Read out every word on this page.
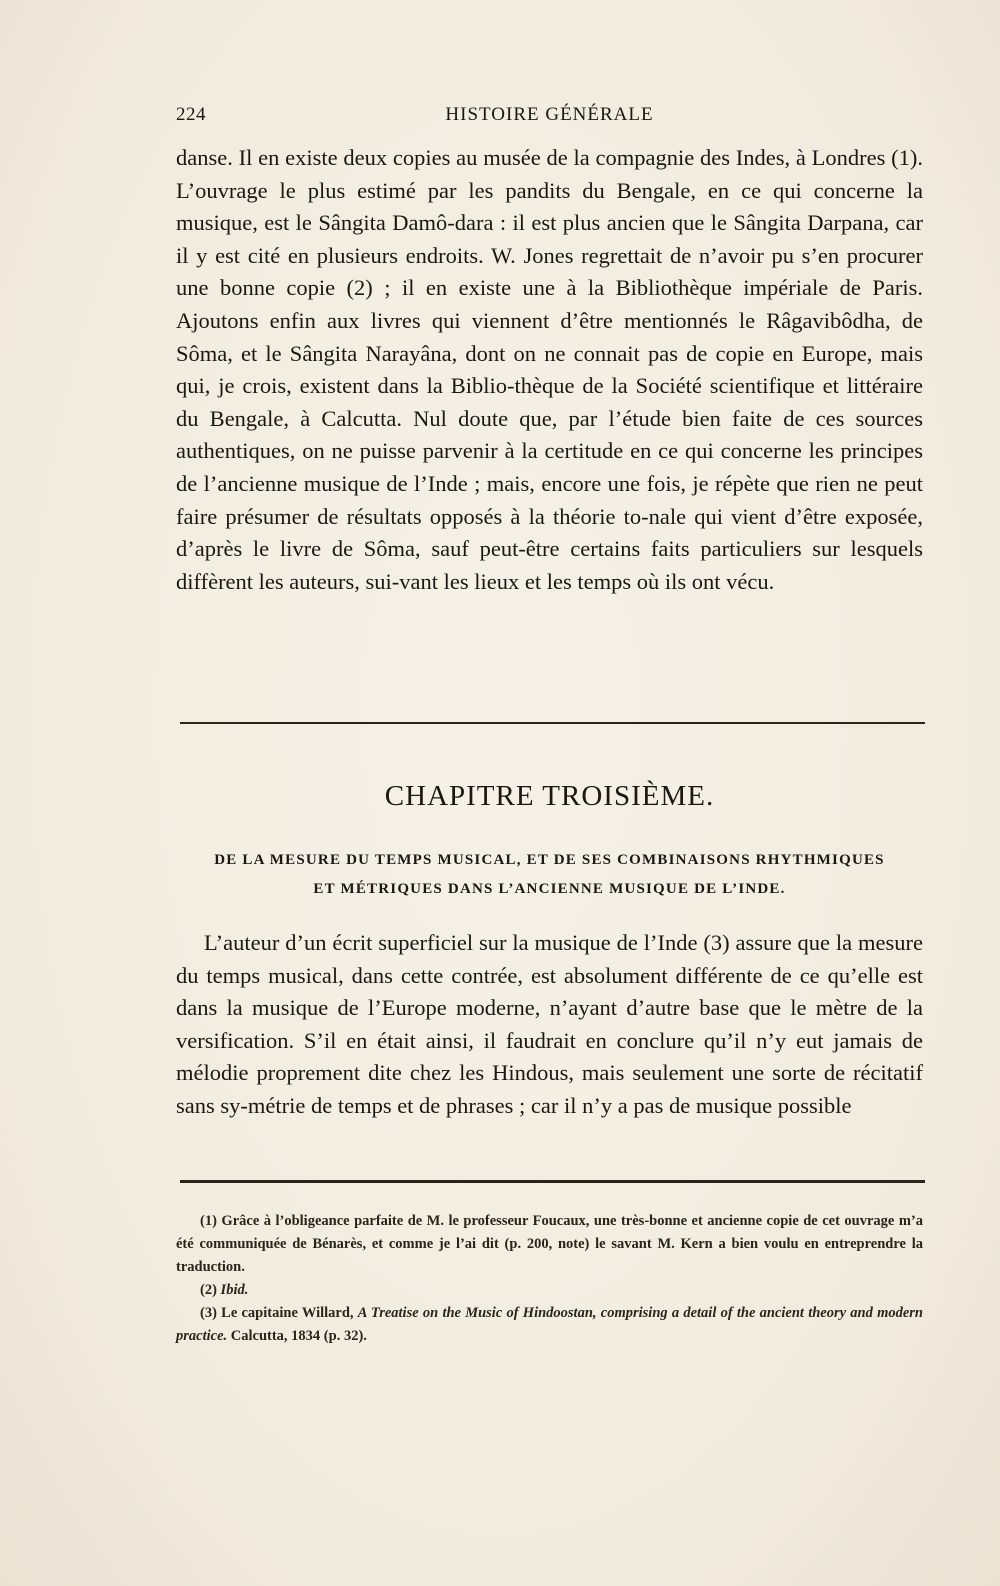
224	HISTOIRE GÉNÉRALE

danse. Il en existe deux copies au musée de la compagnie des Indes, à Londres (1). L’ouvrage le plus estimé par les pandits du Bengale, en ce qui concerne la musique, est le Sângita Damô-dara : il est plus ancien que le Sângita Darpana, car il y est cité en plusieurs endroits. W. Jones regrettait de n’avoir pu s’en procurer une bonne copie (2) ; il en existe une à la Bibliothèque impériale de Paris. Ajoutons enfin aux livres qui viennent d’être mentionnés le Râgavibôdha, de Sôma, et le Sângita Narayâna, dont on ne connait pas de copie en Europe, mais qui, je crois, existent dans la Biblio-thèque de la Société scientifique et littéraire du Bengale, à Calcutta. Nul doute que, par l’étude bien faite de ces sources authentiques, on ne puisse parvenir à la certitude en ce qui concerne les principes de l’ancienne musique de l’Inde ; mais, encore une fois, je répète que rien ne peut faire présumer de résultats opposés à la théorie to-nale qui vient d’être exposée, d’après le livre de Sôma, sauf peut-être certains faits particuliers sur lesquels diffèrent les auteurs, sui-vant les lieux et les temps où ils ont vécu.

CHAPITRE TROISIÈME.
DE LA MESURE DU TEMPS MUSICAL, ET DE SES COMBINAISONS RHYTHMIQUES
ET MÉTRIQUES DANS L’ANCIENNE MUSIQUE DE L’INDE.

L’auteur d’un écrit superficiel sur la musique de l’Inde (3) assure que la mesure du temps musical, dans cette contrée, est absolument différente de ce qu’elle est dans la musique de l’Europe moderne, n’ayant d’autre base que le mètre de la versification. S’il en était ainsi, il faudrait en conclure qu’il n’y eut jamais de mélodie proprement dite chez les Hindous, mais seulement une sorte de récitatif sans sy-métrie de temps et de phrases ; car il n’y a pas de musique possible

(1) Grâce à l’obligeance parfaite de M. le professeur Foucaux, une très-bonne et ancienne copie de cet ouvrage m’a été communiquée de Bénarès, et comme je l’ai dit (p. 200, note) le savant M. Kern a bien voulu en entreprendre la traduction.

(2) Ibid.

(3) Le capitaine Willard, A Treatise on the Music of Hindoostan, comprising a detail of the ancient theory and modern practice. Calcutta, 1834 (p. 32).
